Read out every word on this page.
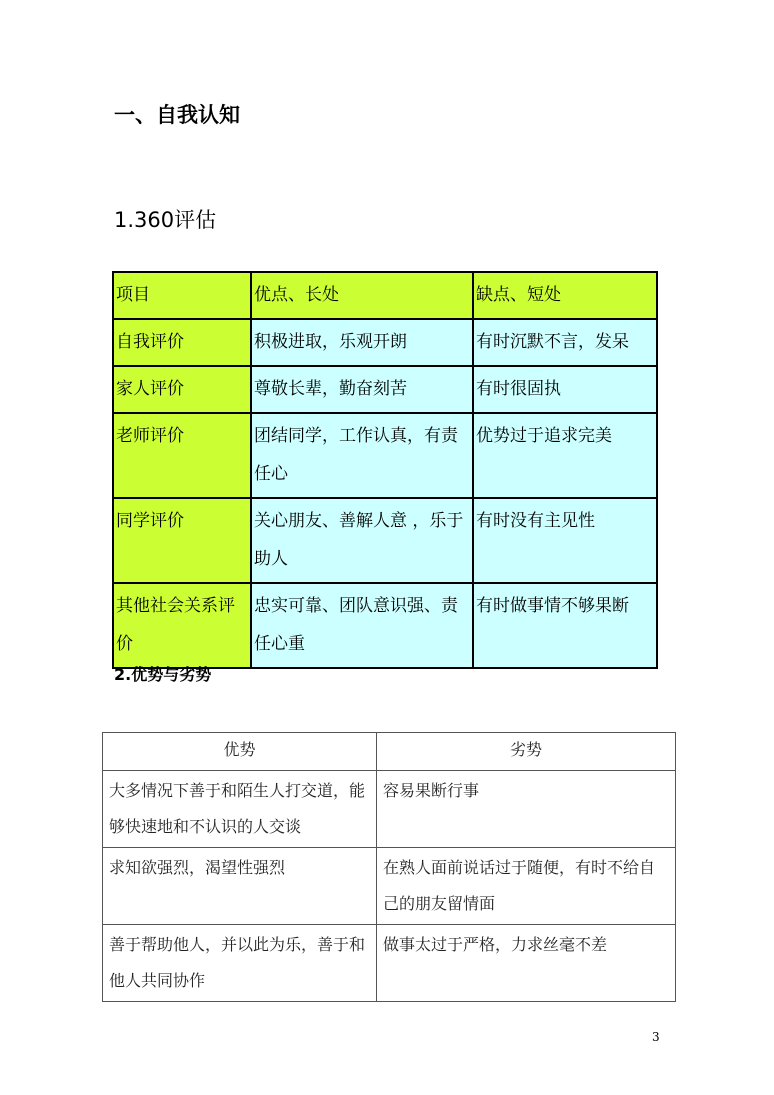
一、自我认知
1.360评估
项目	优点、长处	缺点、短处
自我评价	积极进取，乐观开朗	有时沉默不言，发呆
家人评价	尊敬长辈，勤奋刻苦	有时很固执
老师评价	团结同学，工作认真，有责任心	优势过于追求完美
同学评价	关心朋友、善解人意 ，乐于助人	有时没有主见性
其他社会关系评价	忠实可靠、团队意识强、责任心重	有时做事情不够果断
2.优势与劣势
优势	劣势
大多情况下善于和陌生人打交道，能够快速地和不认识的人交谈	容易果断行事
求知欲强烈，渴望性强烈	在熟人面前说话过于随便，有时不给自己的朋友留情面
善于帮助他人，并以此为乐，善于和他人共同协作	做事太过于严格，力求丝毫不差
3
